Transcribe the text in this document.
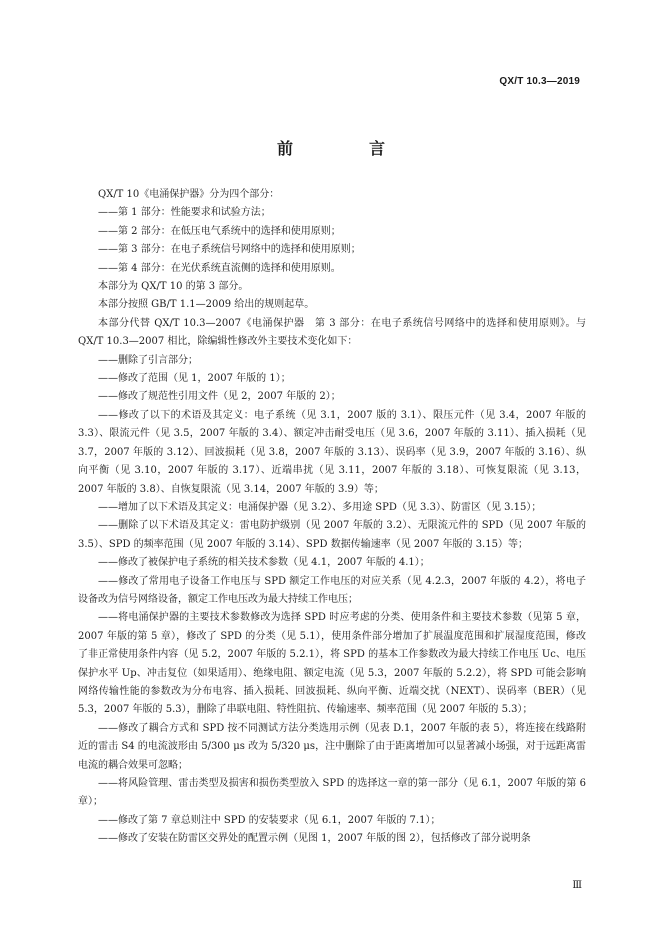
QX/T 10.3—2019
前　言
QX/T 10《电涌保护器》分为四个部分：
——第 1 部分：性能要求和试验方法；
——第 2 部分：在低压电气系统中的选择和使用原则；
——第 3 部分：在电子系统信号网络中的选择和使用原则；
——第 4 部分：在光伏系统直流侧的选择和使用原则。
本部分为 QX/T 10 的第 3 部分。
本部分按照 GB/T 1.1—2009 给出的规则起草。
本部分代替 QX/T 10.3—2007《电涌保护器　第 3 部分：在电子系统信号网络中的选择和使用原则》。与 QX/T 10.3—2007 相比，除编辑性修改外主要技术变化如下：
——删除了引言部分；
——修改了范围（见 1，2007 年版的 1）；
——修改了规范性引用文件（见 2，2007 年版的 2）；
——修改了以下的术语及其定义：电子系统（见 3.1，2007 版的 3.1）、限压元件（见 3.4，2007 年版的 3.3）、限流元件（见 3.5，2007 年版的 3.4）、额定冲击耐受电压（见 3.6，2007 年版的 3.11）、插入损耗（见 3.7，2007 年版的 3.12）、回波损耗（见 3.8，2007 年版的 3.13）、误码率（见 3.9，2007 年版的 3.16）、纵向平衡（见 3.10，2007 年版的 3.17）、近端串扰（见 3.11，2007 年版的 3.18）、可恢复限流（见 3.13，2007 年版的 3.8）、自恢复限流（见 3.14，2007 年版的 3.9）等；
——增加了以下术语及其定义：电涌保护器（见 3.2）、多用途 SPD（见 3.3）、防雷区（见 3.15）；
——删除了以下术语及其定义：雷电防护级别（见 2007 年版的 3.2）、无限流元件的 SPD（见 2007 年版的 3.5）、SPD 的频率范围（见 2007 年版的 3.14）、SPD 数据传输速率（见 2007 年版的 3.15）等；
——修改了被保护电子系统的相关技术参数（见 4.1，2007 年版的 4.1）；
——修改了常用电子设备工作电压与 SPD 额定工作电压的对应关系（见 4.2.3，2007 年版的 4.2），将电子设备改为信号网络设备，额定工作电压改为最大持续工作电压；
——将电涌保护器的主要技术参数修改为选择 SPD 时应考虑的分类、使用条件和主要技术参数（见第 5 章，2007 年版的第 5 章），修改了 SPD 的分类（见 5.1），使用条件部分增加了扩展温度范围和扩展湿度范围，修改了非正常使用条件内容（见 5.2，2007 年版的 5.2.1），将 SPD 的基本工作参数改为最大持续工作电压 Uc、电压保护水平 Up、冲击复位（如果适用）、绝缘电阻、额定电流（见 5.3，2007 年版的 5.2.2），将 SPD 可能会影响网络传输性能的参数改为分布电容、插入损耗、回波损耗、纵向平衡、近端交扰（NEXT）、误码率（BER）（见 5.3，2007 年版的 5.3），删除了串联电阻、特性阻抗、传输速率、频率范围（见 2007 年版的 5.3）；
——修改了耦合方式和 SPD 按不同测试方法分类选用示例（见表 D.1，2007 年版的表 5），将连接在线路附近的雷击 S4 的电流波形由 5/300 μs 改为 5/320 μs，注中删除了由于距离增加可以显著减小场强，对于远距离雷电流的耦合效果可忽略；
——将风险管理、雷击类型及损害和损伤类型放入 SPD 的选择这一章的第一部分（见 6.1，2007 年版的第 6 章）；
——修改了第 7 章总则注中 SPD 的安装要求（见 6.1，2007 年版的 7.1）；
——修改了安装在防雷区交界处的配置示例（见图 1，2007 年版的图 2），包括修改了部分说明条
Ⅲ
